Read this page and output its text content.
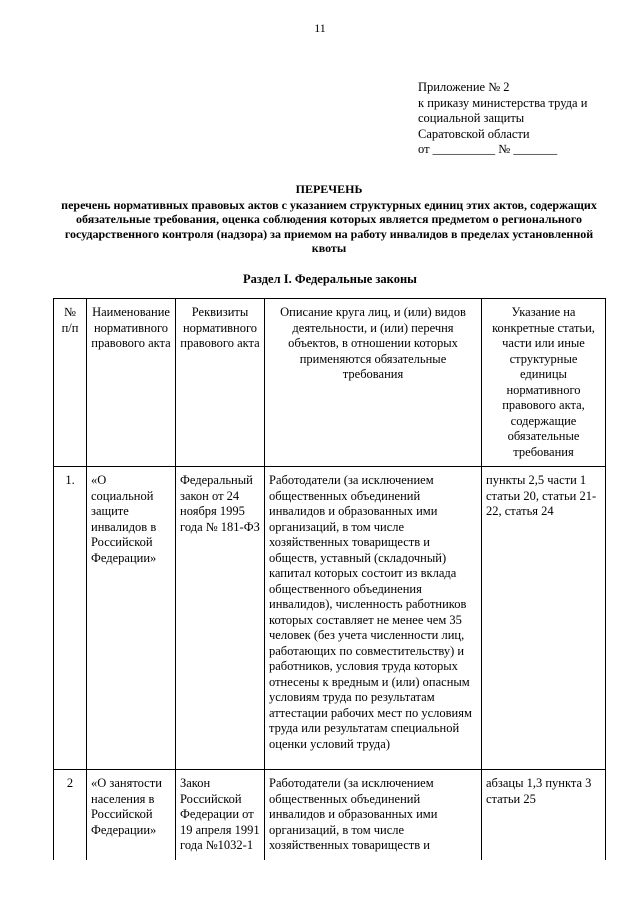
11
Приложение № 2
к приказу министерства труда и
социальной защиты
Саратовской области
от __________ № _______
ПЕРЕЧЕНЬ
перечень нормативных правовых актов с указанием структурных единиц этих актов, содержащих обязательные требования, оценка соблюдения которых является предметом о регионального государственного контроля (надзора) за приемом на работу инвалидов в пределах установленной квоты
Раздел I. Федеральные законы
№ п/п	Наименование нормативного правового акта	Реквизиты нормативного правового акта	Описание круга лиц, и (или) видов деятельности, и (или) перечня объектов, в отношении которых применяются обязательные требования	Указание на конкретные статьи, части или иные структурные единицы нормативного правового акта, содержащие обязательные требования
1.	«О социальной защите инвалидов в Российской Федерации»	Федеральный закон от 24 ноября 1995 года № 181-ФЗ	Работодатели (за исключением общественных объединений инвалидов и образованных ими организаций, в том числе хозяйственных товариществ и обществ, уставный (складочный) капитал которых состоит из вклада общественного объединения инвалидов), численность работников которых составляет не менее чем 35 человек (без учета численности лиц, работающих по совместительству) и работников, условия труда которых отнесены к вредным и (или) опасным условиям труда по результатам аттестации рабочих мест по условиям труда или результатам специальной оценки условий труда)	пункты 2,5 части 1 статьи 20, статьи 21-22, статья 24
2	«О занятости населения в Российской Федерации»	Закон Российской Федерации от 19 апреля 1991 года №1032-1	Работодатели (за исключением общественных объединений инвалидов и образованных ими организаций, в том числе хозяйственных товариществ и	абзацы 1,3 пункта 3 статьи 25
